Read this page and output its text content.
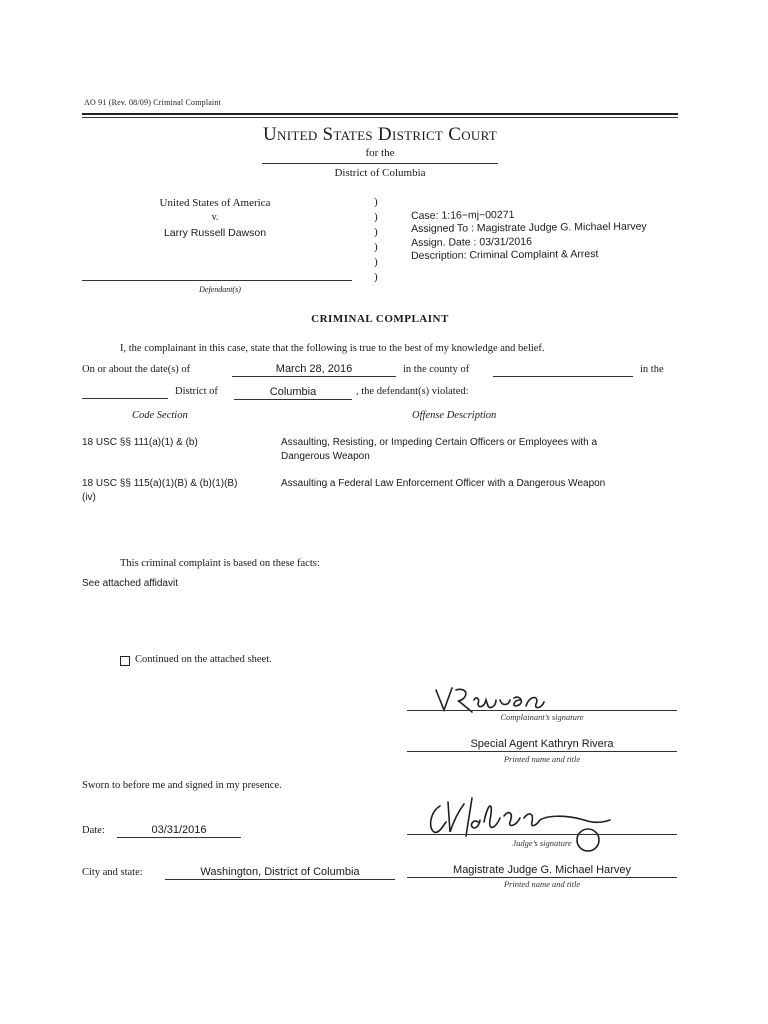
AO 91 (Rev. 08/09) Criminal Complaint
United States District Court
for the
District of Columbia
United States of America
v.
Larry Russell Dawson
Defendant(s)
)
)
)
)
)
)
Case: 1:16−mj−00271
Assigned To : Magistrate Judge G. Michael Harvey
Assign. Date : 03/31/2016
Description: Criminal Complaint & Arrest
CRIMINAL COMPLAINT
I, the complainant in this case, state that the following is true to the best of my knowledge and belief.
On or about the date(s) of	March 28, 2016	in the county of	in the
District of	Columbia	, the defendant(s) violated:
Code Section	Offense Description
18 USC §§ 111(a)(1) & (b)	Assaulting, Resisting, or Impeding Certain Officers or Employees with a
Dangerous Weapon
18 USC §§ 115(a)(1)(B) & (b)(1)(B)
(iv)
Assaulting a Federal Law Enforcement Officer with a Dangerous Weapon
This criminal complaint is based on these facts:
See attached affidavit
Continued on the attached sheet.
KRivera
Complainant’s signature
Special Agent Kathryn Rivera
Printed name and title
Sworn to before me and signed in my presence.
Judge’s signature
Date:	03/31/2016
City and state:	Washington, District of Columbia	Magistrate Judge G. Michael Harvey
Printed name and title
